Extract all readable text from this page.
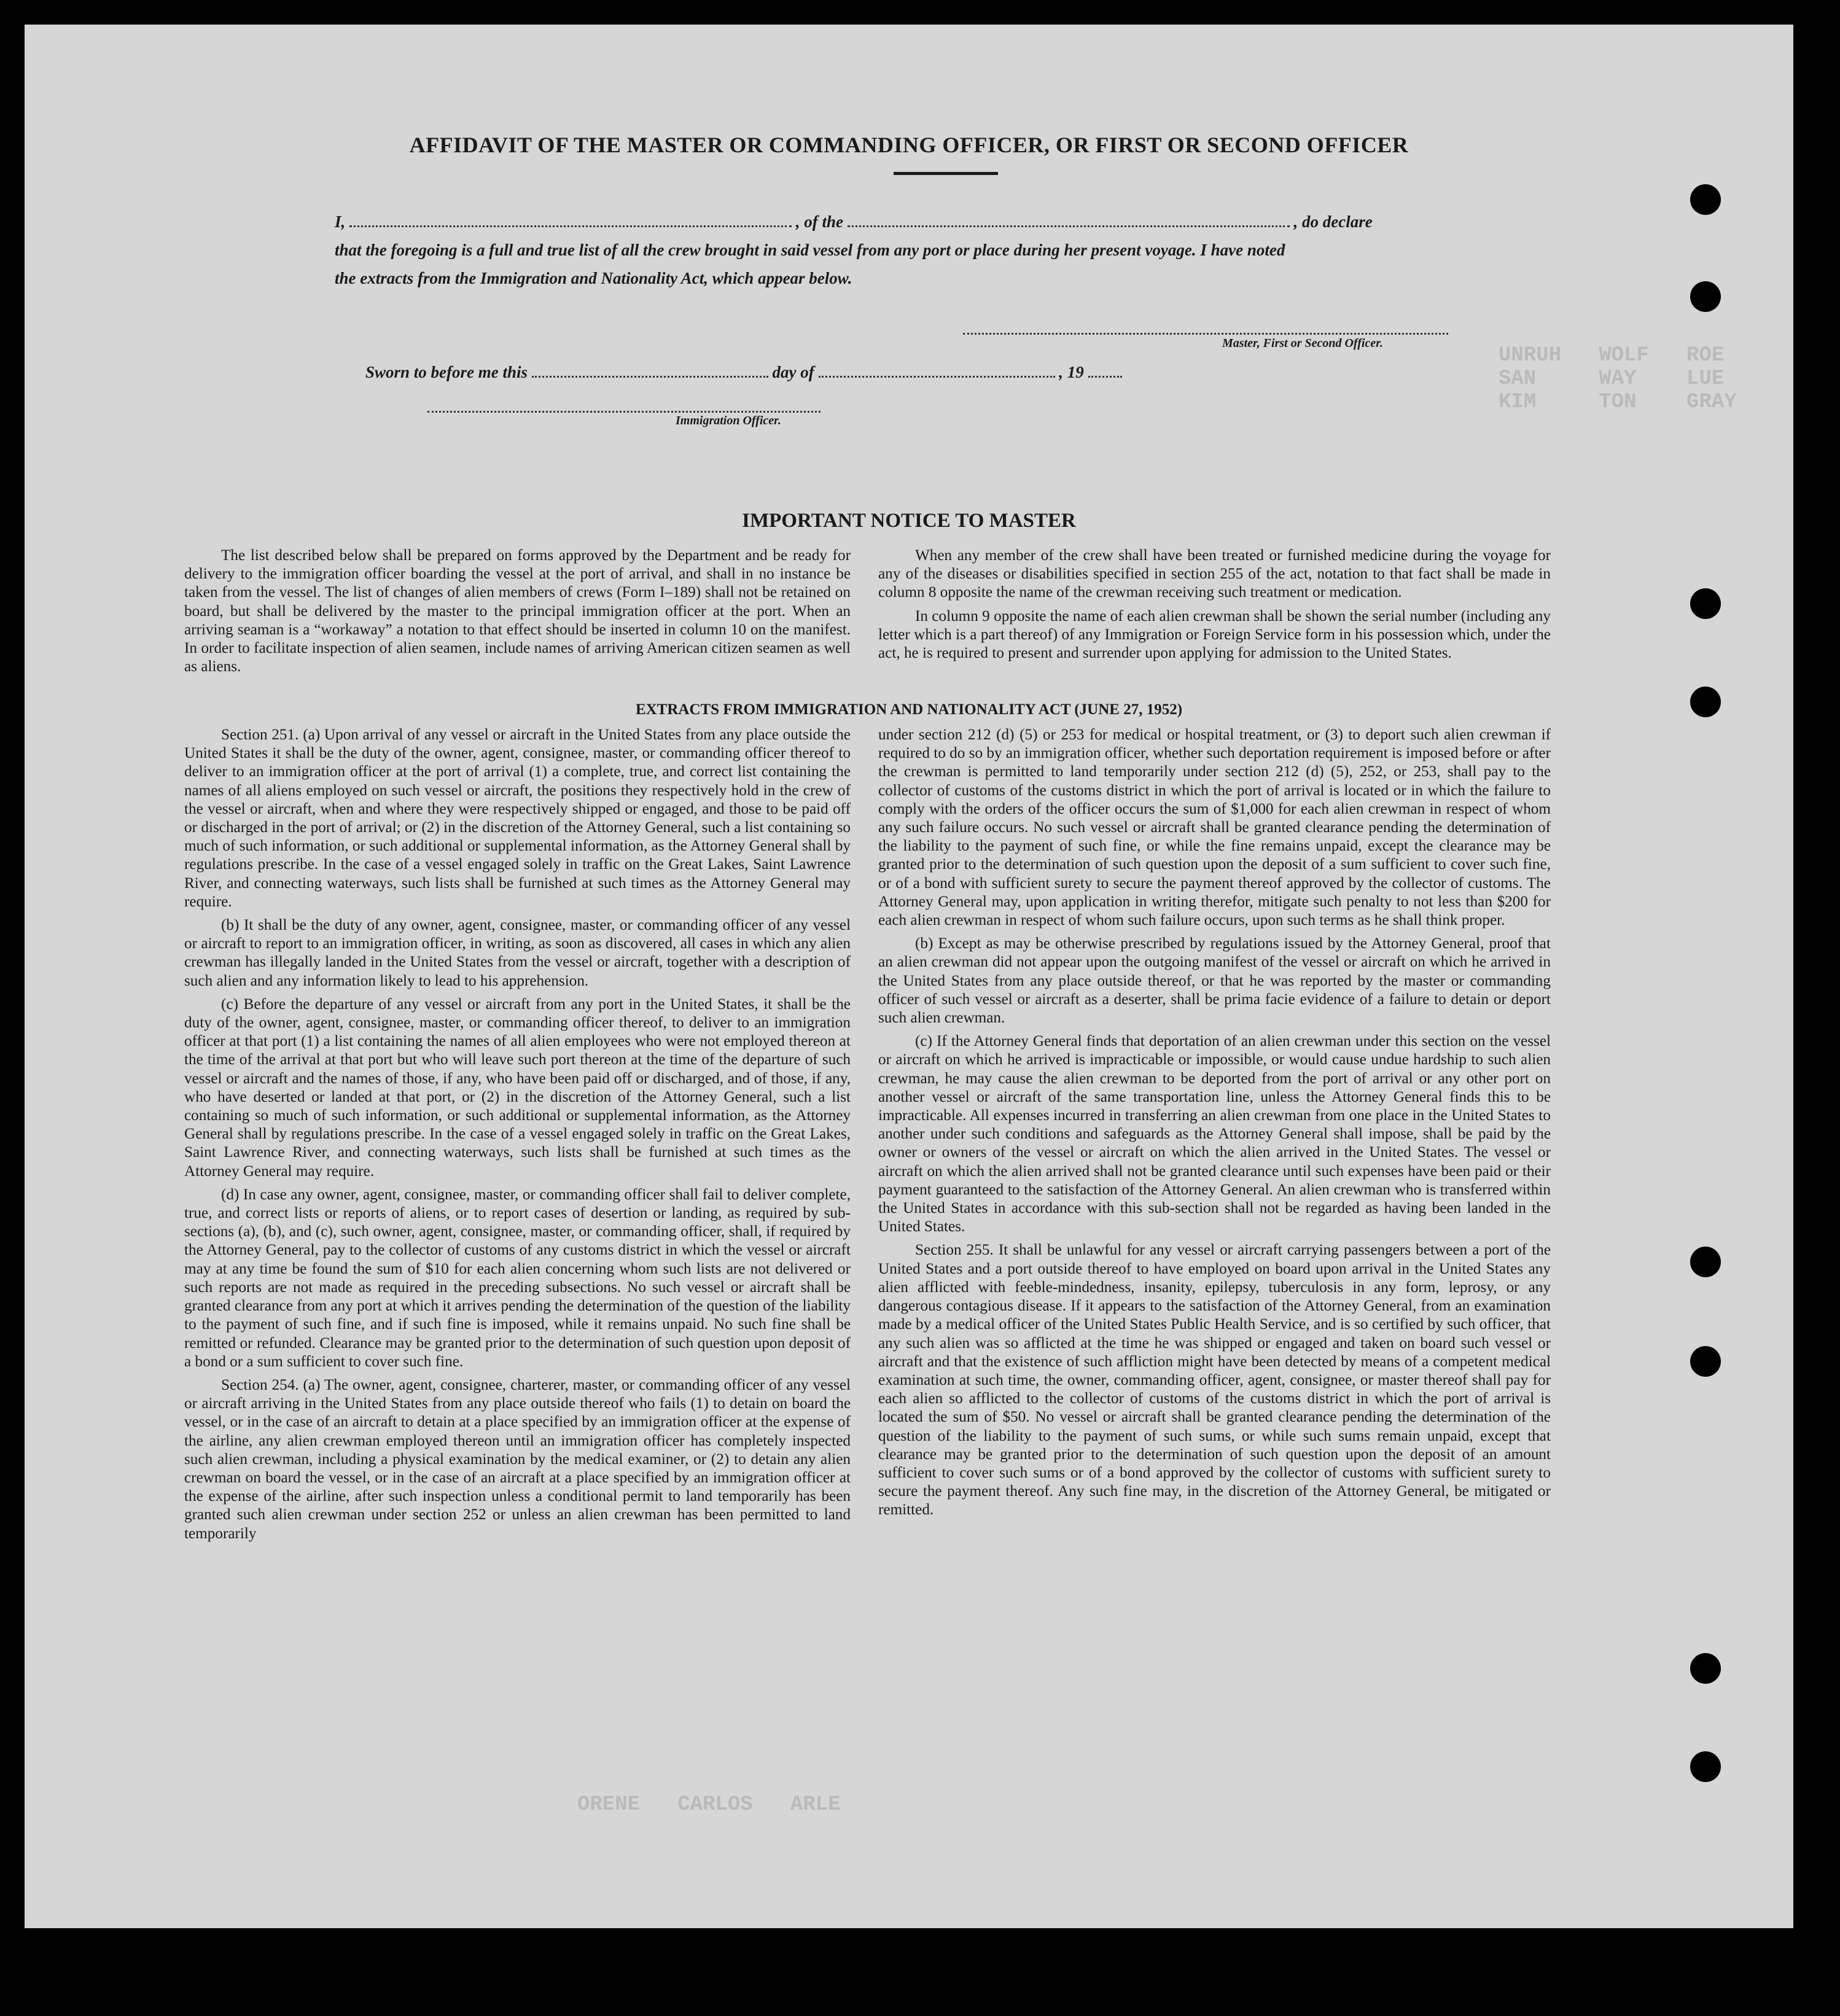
UNRUH   WOLF   ROE
SAN     WAY    LUE
KIM     TON    GRAY
ORENE   CARLOS   ARLE
AFFIDAVIT OF THE MASTER OR COMMANDING OFFICER, OR FIRST OR SECOND OFFICER
I,	, of the	, do declare
that the foregoing is a full and true list of all the crew brought in said vessel from any port or place during her present voyage. I have noted
the extracts from the Immigration and Nationality Act, which appear below.
Master, First or Second Officer.
Sworn to before me this	day of	, 19
Immigration Officer.
IMPORTANT NOTICE TO MASTER

The list described below shall be prepared on forms approved by the Department and be ready for delivery to the immigration officer boarding the vessel at the port of arrival, and shall in no instance be taken from the vessel. The list of changes of alien members of crews (Form I–189) shall not be retained on board, but shall be delivered by the master to the principal immigration officer at the port. When an arriving seaman is a “workaway” a notation to that effect should be inserted in column 10 on the manifest. In order to facilitate inspection of alien seamen, include names of arriving American citizen seamen as well as aliens.

When any member of the crew shall have been treated or furnished medicine during the voyage for any of the diseases or disabilities specified in section 255 of the act, notation to that fact shall be made in column 8 opposite the name of the crewman receiving such treatment or medication.

In column 9 opposite the name of each alien crewman shall be shown the serial number (including any letter which is a part thereof) of any Immigration or Foreign Service form in his possession which, under the act, he is required to present and surrender upon applying for admission to the United States.

EXTRACTS FROM IMMIGRATION AND NATIONALITY ACT (JUNE 27, 1952)

Section 251. (a) Upon arrival of any vessel or aircraft in the United States from any place outside the United States it shall be the duty of the owner, agent, consignee, master, or commanding officer thereof to deliver to an immigration officer at the port of arrival (1) a complete, true, and correct list containing the names of all aliens employed on such vessel or aircraft, the positions they respectively hold in the crew of the vessel or aircraft, when and where they were respectively shipped or engaged, and those to be paid off or discharged in the port of arrival; or (2) in the discretion of the Attorney General, such a list containing so much of such information, or such additional or supplemental information, as the Attorney General shall by regulations prescribe. In the case of a vessel engaged solely in traffic on the Great Lakes, Saint Lawrence River, and connecting waterways, such lists shall be furnished at such times as the Attorney General may require.

(b) It shall be the duty of any owner, agent, consignee, master, or commanding officer of any vessel or aircraft to report to an immigration officer, in writing, as soon as discovered, all cases in which any alien crewman has illegally landed in the United States from the vessel or aircraft, together with a description of such alien and any information likely to lead to his apprehension.

(c) Before the departure of any vessel or aircraft from any port in the United States, it shall be the duty of the owner, agent, consignee, master, or commanding officer thereof, to deliver to an immigration officer at that port (1) a list containing the names of all alien employees who were not employed thereon at the time of the arrival at that port but who will leave such port thereon at the time of the departure of such vessel or aircraft and the names of those, if any, who have been paid off or discharged, and of those, if any, who have deserted or landed at that port, or (2) in the discretion of the Attorney General, such a list containing so much of such information, or such additional or supplemental information, as the Attorney General shall by regulations prescribe. In the case of a vessel engaged solely in traffic on the Great Lakes, Saint Lawrence River, and connecting waterways, such lists shall be furnished at such times as the Attorney General may require.

(d) In case any owner, agent, consignee, master, or commanding officer shall fail to deliver complete, true, and correct lists or reports of aliens, or to report cases of desertion or landing, as required by sub-sections (a), (b), and (c), such owner, agent, consignee, master, or commanding officer, shall, if required by the Attorney General, pay to the collector of customs of any customs district in which the vessel or aircraft may at any time be found the sum of $10 for each alien concerning whom such lists are not delivered or such reports are not made as required in the preceding subsections. No such vessel or aircraft shall be granted clearance from any port at which it arrives pending the determination of the question of the liability to the payment of such fine, and if such fine is imposed, while it remains unpaid. No such fine shall be remitted or refunded. Clearance may be granted prior to the determination of such question upon deposit of a bond or a sum sufficient to cover such fine.

Section 254. (a) The owner, agent, consignee, charterer, master, or commanding officer of any vessel or aircraft arriving in the United States from any place outside thereof who fails (1) to detain on board the vessel, or in the case of an aircraft to detain at a place specified by an immigration officer at the expense of the airline, any alien crewman employed thereon until an immigration officer has completely inspected such alien crewman, including a physical examination by the medical examiner, or (2) to detain any alien crewman on board the vessel, or in the case of an aircraft at a place specified by an immigration officer at the expense of the airline, after such inspection unless a conditional permit to land temporarily has been granted such alien crewman under section 252 or unless an alien crewman has been permitted to land temporarily

under section 212 (d) (5) or 253 for medical or hospital treatment, or (3) to deport such alien crewman if required to do so by an immigration officer, whether such deportation requirement is imposed before or after the crewman is permitted to land temporarily under section 212 (d) (5), 252, or 253, shall pay to the collector of customs of the customs district in which the port of arrival is located or in which the failure to comply with the orders of the officer occurs the sum of $1,000 for each alien crewman in respect of whom any such failure occurs. No such vessel or aircraft shall be granted clearance pending the determination of the liability to the payment of such fine, or while the fine remains unpaid, except the clearance may be granted prior to the determination of such question upon the deposit of a sum sufficient to cover such fine, or of a bond with sufficient surety to secure the payment thereof approved by the collector of customs. The Attorney General may, upon application in writing therefor, mitigate such penalty to not less than $200 for each alien crewman in respect of whom such failure occurs, upon such terms as he shall think proper.

(b) Except as may be otherwise prescribed by regulations issued by the Attorney General, proof that an alien crewman did not appear upon the outgoing manifest of the vessel or aircraft on which he arrived in the United States from any place outside thereof, or that he was reported by the master or commanding officer of such vessel or aircraft as a deserter, shall be prima facie evidence of a failure to detain or deport such alien crewman.

(c) If the Attorney General finds that deportation of an alien crewman under this section on the vessel or aircraft on which he arrived is impracticable or impossible, or would cause undue hardship to such alien crewman, he may cause the alien crewman to be deported from the port of arrival or any other port on another vessel or aircraft of the same transportation line, unless the Attorney General finds this to be impracticable. All expenses incurred in transferring an alien crewman from one place in the United States to another under such conditions and safeguards as the Attorney General shall impose, shall be paid by the owner or owners of the vessel or aircraft on which the alien arrived in the United States. The vessel or aircraft on which the alien arrived shall not be granted clearance until such expenses have been paid or their payment guaranteed to the satisfaction of the Attorney General. An alien crewman who is transferred within the United States in accordance with this sub-section shall not be regarded as having been landed in the United States.

Section 255. It shall be unlawful for any vessel or aircraft carrying passengers between a port of the United States and a port outside thereof to have employed on board upon arrival in the United States any alien afflicted with feeble-mindedness, insanity, epilepsy, tuberculosis in any form, leprosy, or any dangerous contagious disease. If it appears to the satisfaction of the Attorney General, from an examination made by a medical officer of the United States Public Health Service, and is so certified by such officer, that any such alien was so afflicted at the time he was shipped or engaged and taken on board such vessel or aircraft and that the existence of such affliction might have been detected by means of a competent medical examination at such time, the owner, commanding officer, agent, consignee, or master thereof shall pay for each alien so afflicted to the collector of customs of the customs district in which the port of arrival is located the sum of $50. No vessel or aircraft shall be granted clearance pending the determination of the question of the liability to the payment of such sums, or while such sums remain unpaid, except that clearance may be granted prior to the determination of such question upon the deposit of an amount sufficient to cover such sums or of a bond approved by the collector of customs with sufficient surety to secure the payment thereof. Any such fine may, in the discretion of the Attorney General, be mitigated or remitted.
